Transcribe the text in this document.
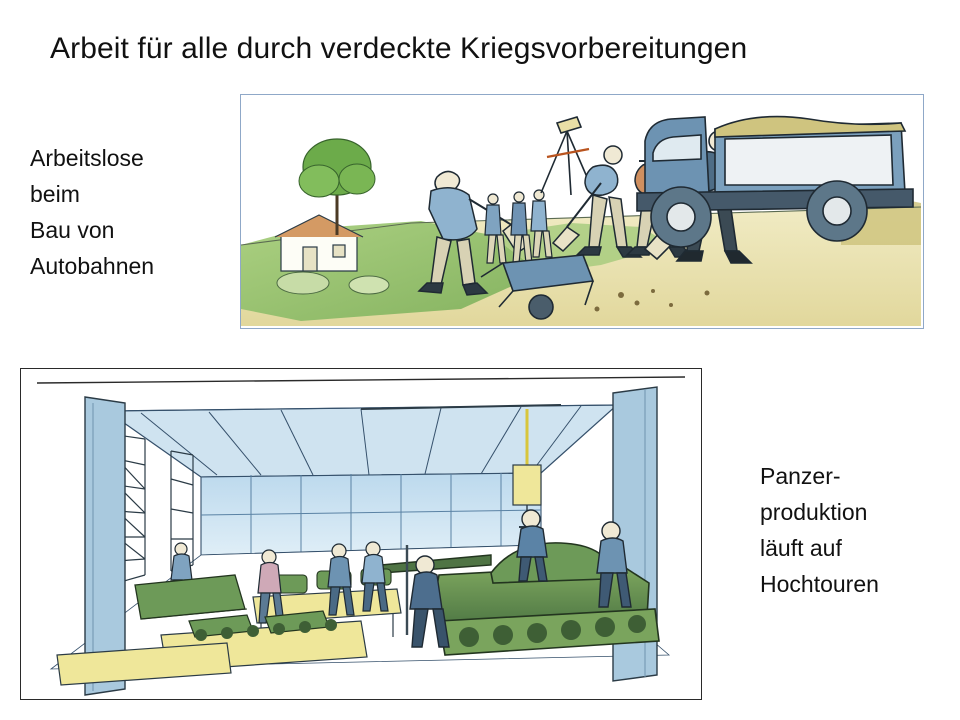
Arbeit für alle durch verdeckte Kriegsvorbereitungen
Arbeitslose
beim
Bau von
Autobahnen
Panzer-
produktion
läuft auf
Hochtouren
